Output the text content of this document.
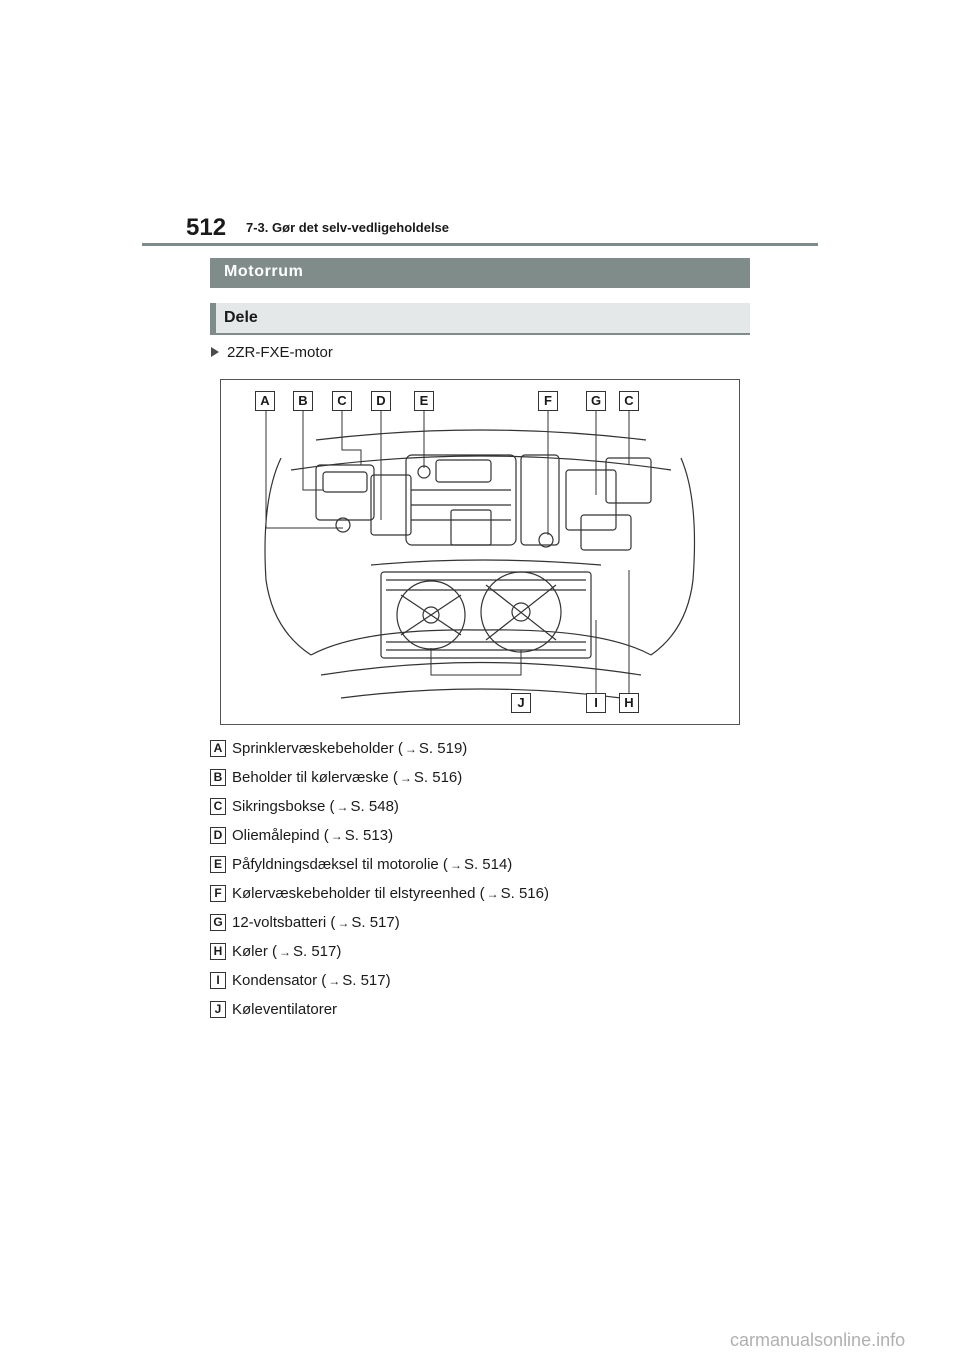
512 7-3. Gør det selv-vedligeholdelse
Motorrum
Dele
2ZR-FXE-motor
A	B	C	D	E	F	G	C
J	I	H
A Sprinklervæskebeholder ( → S. 519)
B Beholder til kølervæske ( → S. 516)
C Sikringsbokse ( → S. 548)
D Oliemålepind ( → S. 513)
E Påfyldningsdæksel til motorolie ( → S. 514)
F Kølervæskebeholder til elstyreenhed ( → S. 516)
G 12-voltsbatteri ( → S. 517)
H Køler ( → S. 517)
I Kondensator ( → S. 517)
J Køleventilatorer
carmanualsonline.info
